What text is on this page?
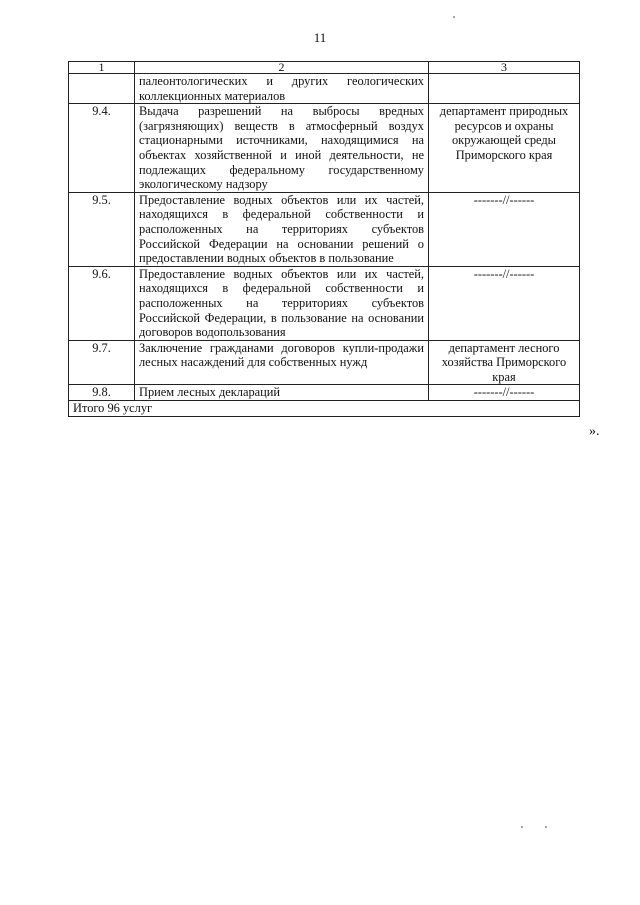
11
1	2	3
	палеонтологических и других геологических коллекционных материалов	
9.4.	Выдача разрешений на выбросы вредных (загрязняющих) веществ в атмосферный воздух стационарными источниками, находящимися на объектах хозяйственной и иной деятельности, не подлежащих федеральному государственному экологическому надзору	департамент природных ресурсов и охраны окружающей среды Приморского края
9.5.	Предоставление водных объектов или их частей, находящихся в федеральной собственности и расположенных на территориях субъектов Российской Федерации на основании решений о предоставлении водных объектов в пользование	-------//------
9.6.	Предоставление водных объектов или их частей, находящихся в федеральной собственности и расположенных на территориях субъектов Российской Федерации, в пользование на основании договоров водопользования	-------//------
9.7.	Заключение гражданами договоров купли-продажи лесных насаждений для собственных нужд	департамент лесного хозяйства Приморского края
9.8.	Прием лесных деклараций	-------//------
Итого 96 услуг		
».
